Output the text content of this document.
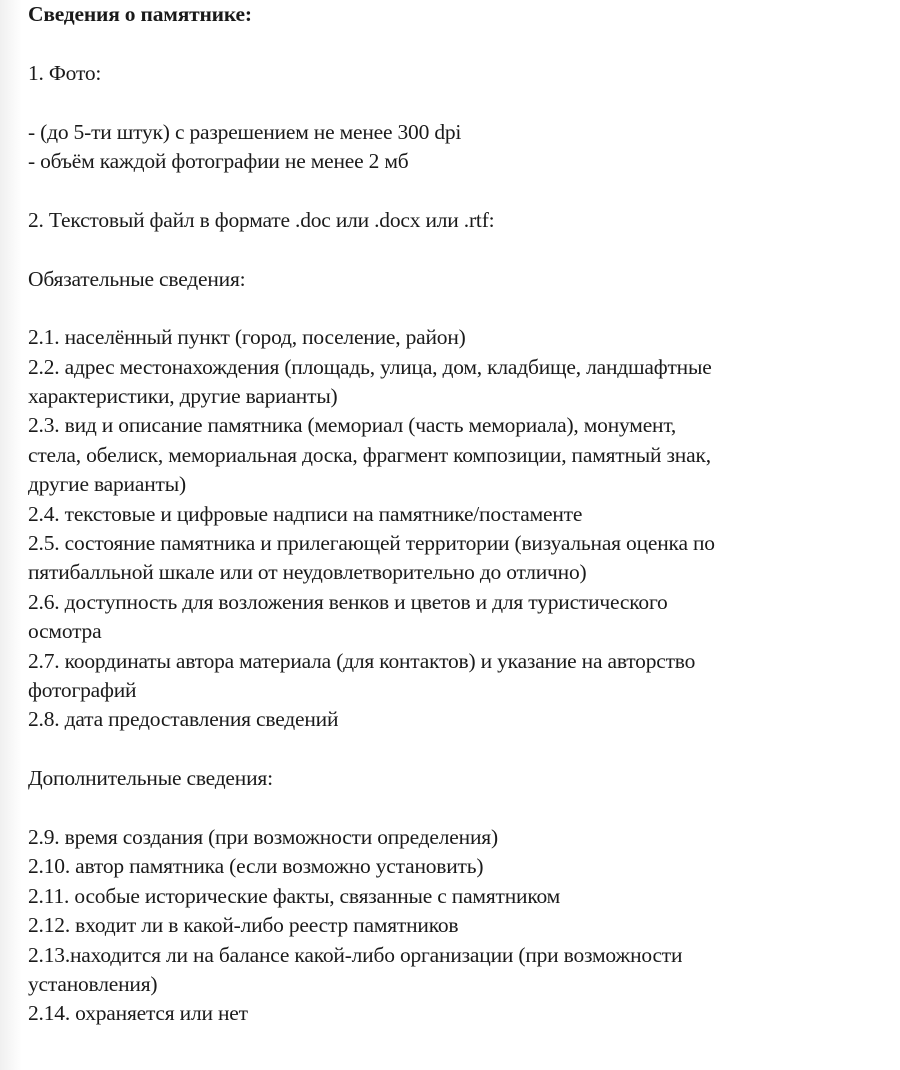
Сведения о памятнике:
1. Фото:
- (до 5-ти штук) с разрешением не менее 300 dpi
- объём каждой фотографии не менее 2 мб
2. Текстовый файл в формате .doc или .docx или .rtf:
Обязательные сведения:
2.1. населённый пункт (город, поселение, район)
2.2. адрес местонахождения (площадь, улица, дом, кладбище, ландшафтные
характеристики, другие варианты)
2.3. вид и описание памятника (мемориал (часть мемориала), монумент,
стела, обелиск, мемориальная доска, фрагмент композиции, памятный знак,
другие варианты)
2.4. текстовые и цифровые надписи на памятнике/постаменте
2.5. состояние памятника и прилегающей территории (визуальная оценка по
пятибалльной шкале или от неудовлетворительно до отлично)
2.6. доступность для возложения венков и цветов и для туристического
осмотра
2.7. координаты автора материала (для контактов) и указание на авторство
фотографий
2.8. дата предоставления сведений
Дополнительные сведения:
2.9. время создания (при возможности определения)
2.10. автор памятника (если возможно установить)
2.11. особые исторические факты, связанные с памятником
2.12. входит ли в какой-либо реестр памятников
2.13.находится ли на балансе какой-либо организации (при возможности
установления)
2.14. охраняется или нет
